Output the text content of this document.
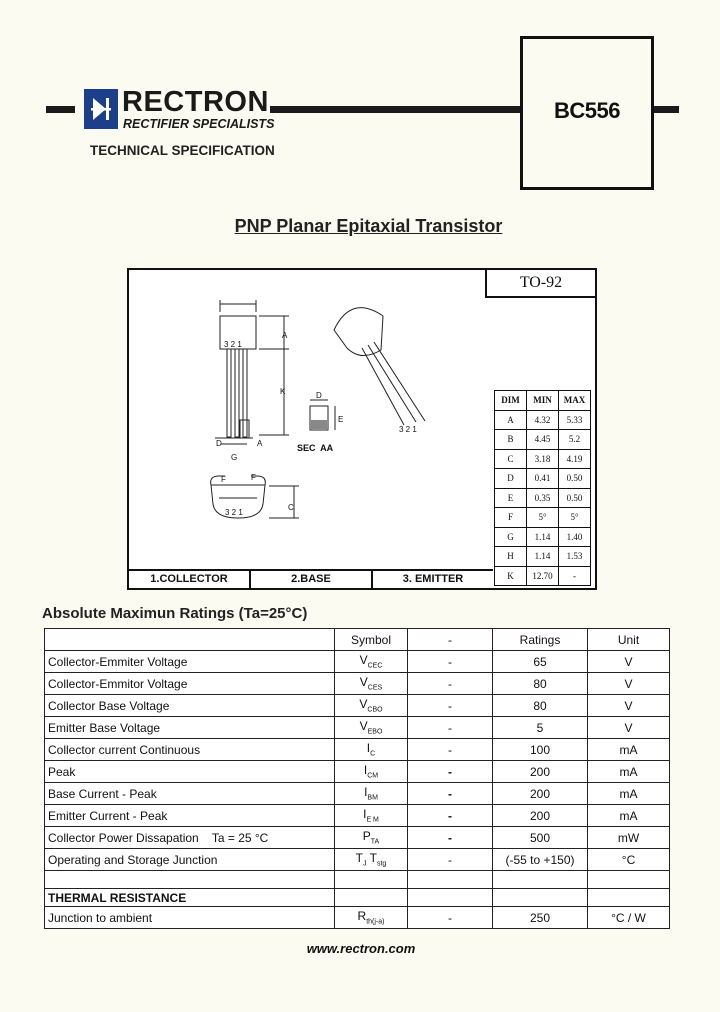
RECTRON
RECTIFIER SPECIALISTS
TECHNICAL SPECIFICATION
BC556
PNP Planar Epitaxial Transistor
TO-92
3 2 1
A
K
D	A
G
F	F
3 2 1
C
D
E
3 2 1
SEC  AA
DIM	MIN	MAX
A	4.32	5.33
B	4.45	5.2
C	3.18	4.19
D	0.41	0.50
E	0.35	0.50
F	5°	5°
G	1.14	1.40
H	1.14	1.53
K	12.70	-
1.COLLECTOR	2.BASE	3. EMITTER
Absolute Maximun Ratings (Ta=25°C)
	Symbol	-	Ratings	Unit
Collector-Emmiter Voltage	$V_{CEC}$	-	65	V
Collector-Emmitor Voltage	$V_{CES}$	-	80	V
Collector Base Voltage	$V_{CBO}$	-	80	V
Emitter Base Voltage	$V_{EBO}$	-	5	V
Collector current Continuous	$I_C$	-	100	mA
Peak	$I_{CM}$	-	200	mA
Base Current - Peak	$I_{BM}$	-	200	mA
Emitter Current - Peak	$I_{E M}$	-	200	mA
Collector Power Dissapation    Ta = 25 °C	$P_{TA}$	-	500	mW
Operating and Storage Junction	$T_J$ $T_{stg}$	-	(-55 to +150)	°C

THERMAL RESISTANCE				
Junction to ambient	$R_{th(j-a)}$	-	250	°C / W
www.rectron.com
